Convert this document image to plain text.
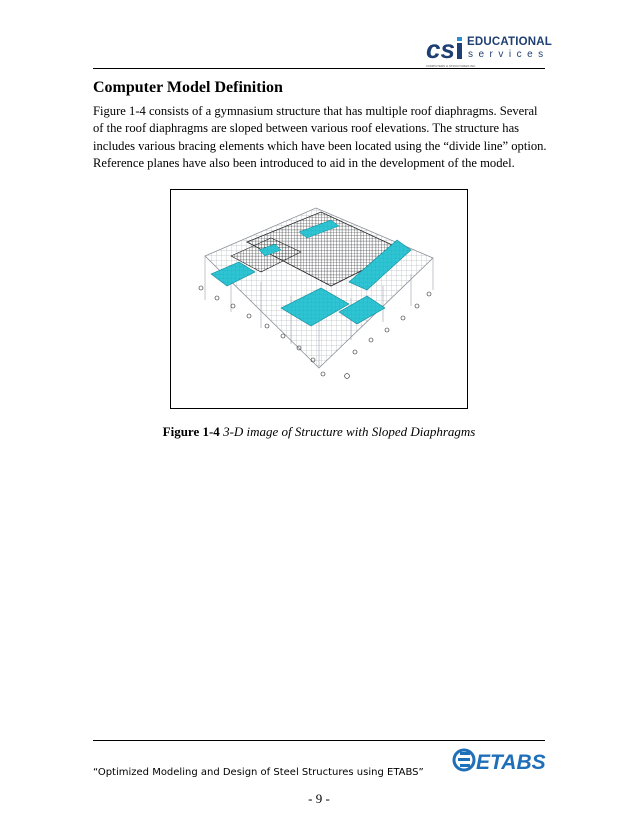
cs EDUCATIONAL
services
COMPUTERS & STRUCTURES INC.
Computer Model Definition

Figure 1-4 consists of a gymnasium structure that has multiple roof diaphragms. Several of the roof diaphragms are sloped between various roof elevations. The structure has includes various bracing elements which have been located using the “divide line” option. Reference planes have also been introduced to aid in the development of the model.

Figure 1-4 3-D image of Structure with Sloped Diaphragms
ETABS
“Optimized Modeling and Design of Steel Structures using ETABS”
- 9 -
